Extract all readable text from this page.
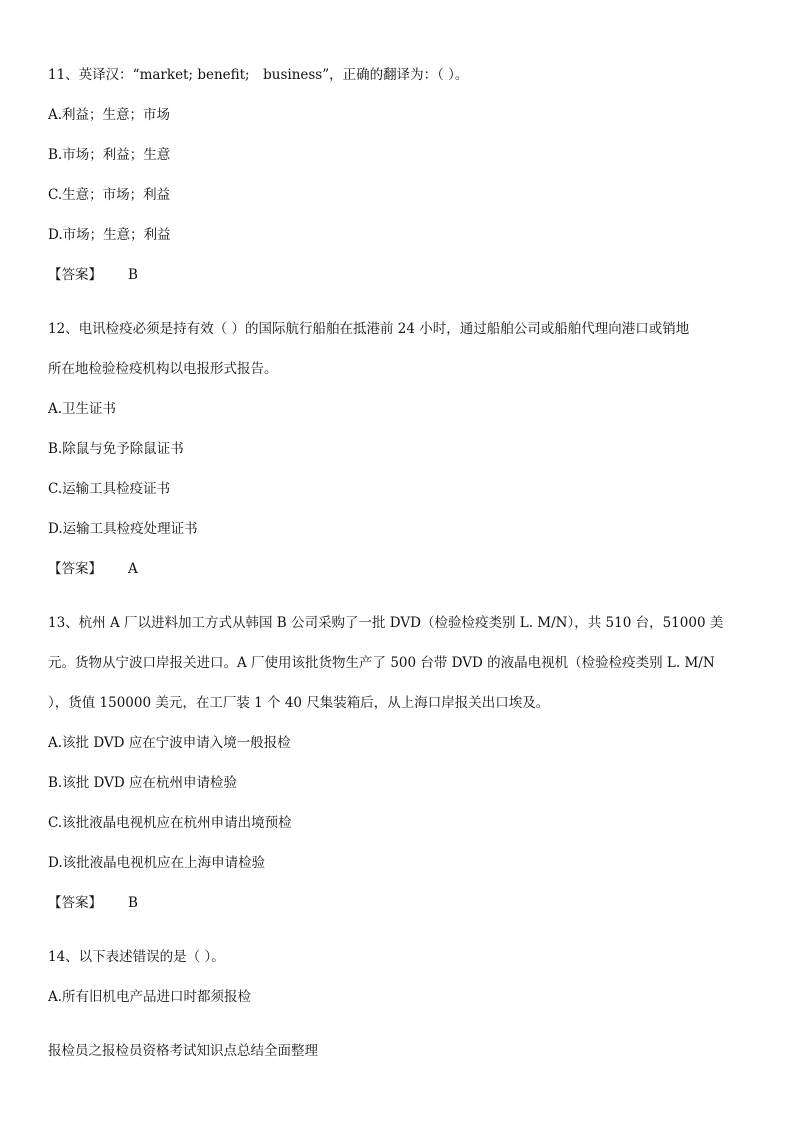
11、英译汉：“market; benefit;　business”，正确的翻译为：（ ）。
A.利益；生意；市场
B.市场；利益；生意
C.生意；市场；利益
D.市场；生意；利益
【答案】 B
12、电讯检疫必须是持有效（ ）的国际航行船舶在抵港前 24 小时，通过船舶公司或船舶代理向港口或销地
所在地检验检疫机构以电报形式报告。
A.卫生证书
B.除鼠与免予除鼠证书
C.运输工具检疫证书
D.运输工具检疫处理证书
【答案】 A
13、杭州 A 厂以进料加工方式从韩国 B 公司采购了一批 DVD（检验检疫类别 L. M/N），共 510 台，51000 美
元。货物从宁波口岸报关进口。A 厂使用该批货物生产了 500 台带 DVD 的液晶电视机（检验检疫类别 L. M/N
），货值 150000 美元，在工厂装 1 个 40 尺集装箱后，从上海口岸报关出口埃及。
A.该批 DVD 应在宁波申请入境一般报检
B.该批 DVD 应在杭州申请检验
C.该批液晶电视机应在杭州申请出境预检
D.该批液晶电视机应在上海申请检验
【答案】 B
14、以下表述错误的是（ ）。
A.所有旧机电产品进口时都须报检
报检员之报检员资格考试知识点总结全面整理
